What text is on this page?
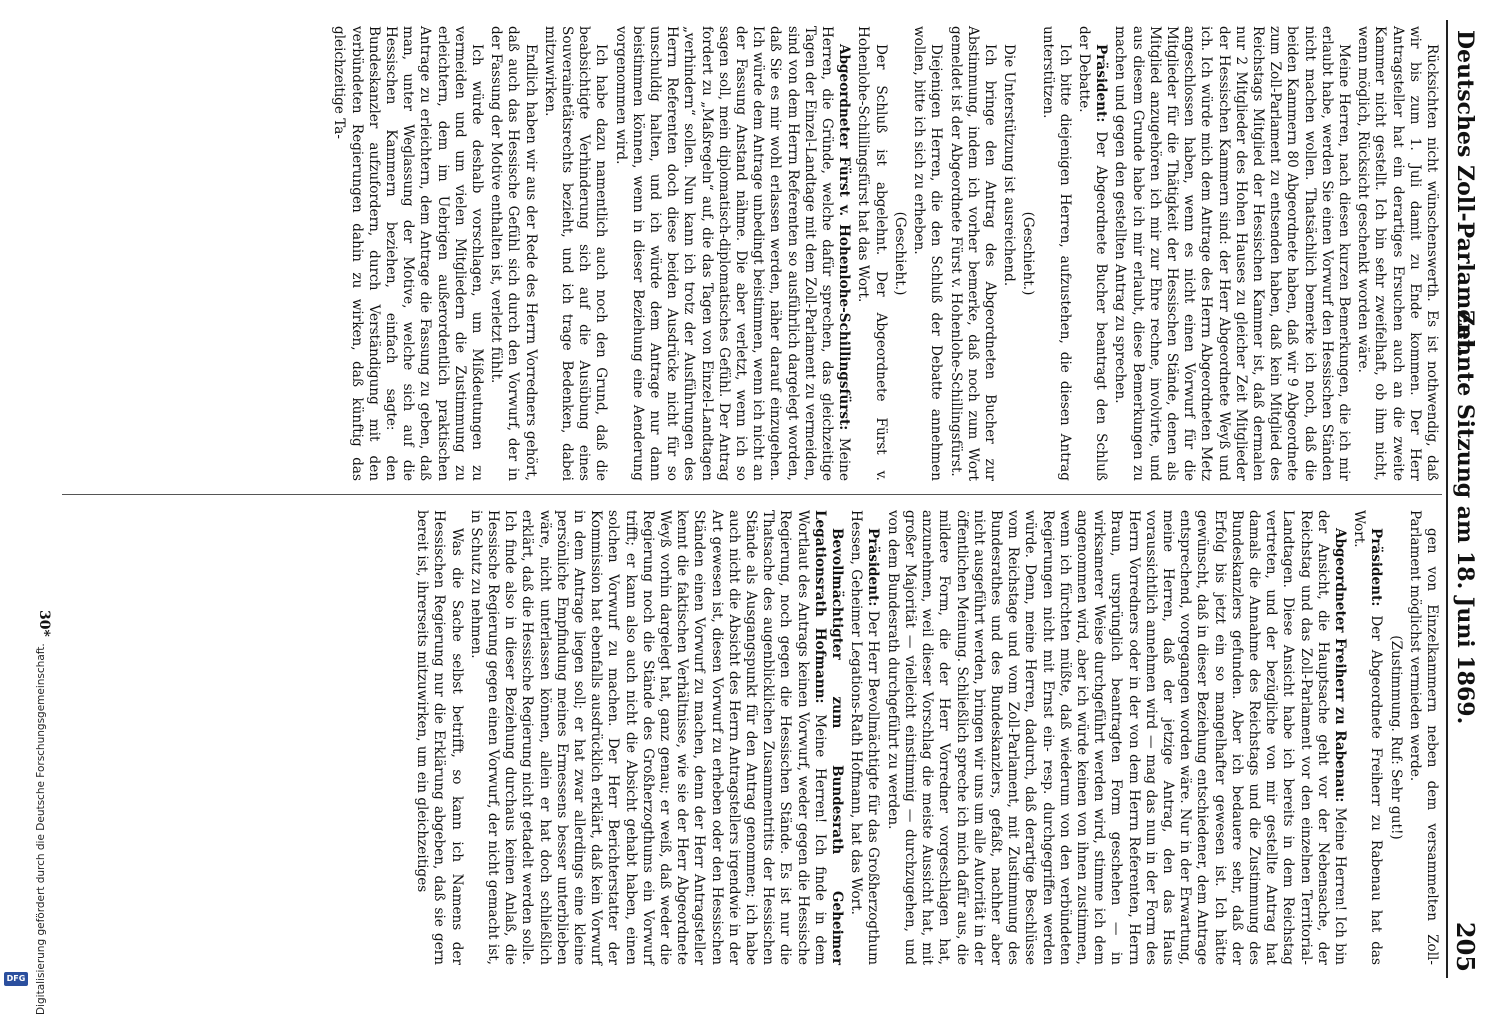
Deutsches Zoll-Parlament.
Zehnte Sitzung am 18. Juni 1869.
205

Rücksichten nicht wünschenswerth. Es ist nothwendig, daß wir bis zum 1. Juli damit zu Ende kommen. Der Herr Antragsteller hat ein derartiges Ersuchen auch an die zweite Kammer nicht gestellt. Ich bin sehr zweifelhaft, ob ihm nicht, wenn möglich, Rücksicht geschenkt worden wäre.

Meine Herren, nach diesen kurzen Bemerkungen, die ich mir erlaubt habe, werden Sie einen Vorwurf den Hessischen Ständen nicht machen wollen. Thatsächlich bemerke ich noch, daß die beiden Kammern 80 Abgeordnete haben, daß wir 9 Abgeordnete zum Zoll-Parlament zu entsenden haben, daß kein Mitglied des Reichstags Mitglied der Hessischen Kammer ist, daß dermalen nur 2 Mitglieder des Hohen Hauses zu gleicher Zeit Mitglieder der Hessischen Kammern sind: der Herr Abgeordnete Weyß und ich. Ich würde mich dem Antrage des Herrn Abgeordneten Metz angeschlossen haben, wenn es nicht einen Vorwurf für die Mitglieder für die Thätigkeit der Hessischen Stände, denen als Mitglied anzugehören ich mir zur Ehre rechne, involvirte, und aus diesem Grunde habe ich mir erlaubt, diese Bemerkungen zu machen und gegen den gestellten Antrag zu sprechen.

Präsident: Der Abgeordnete Bucher beantragt den Schluß der Debatte.

Ich bitte diejenigen Herren, aufzustehen, die diesen Antrag unterstützen.

(Geschieht.)

Die Unterstützung ist ausreichend.

Ich bringe den Antrag des Abgeordneten Bucher zur Abstimmung, indem ich vorher bemerke, daß noch zum Wort gemeldet ist der Abgeordnete Fürst v. Hohenlohe-Schillingsfürst.

Diejenigen Herren, die den Schluß der Debatte annehmen wollen, bitte ich sich zu erheben.

(Geschieht.)

Der Schluß ist abgelehnt. Der Abgeordnete Fürst v. Hohenlohe-Schillingsfürst hat das Wort.

Abgeordneter Fürst v. Hohenlohe-Schillingsfürst: Meine Herren, die Gründe, welche dafür sprechen, das gleichzeitige Tagen der Einzel-Landtage mit dem Zoll-Parlament zu vermeiden, sind von dem Herrn Referenten so ausführlich dargelegt worden, daß Sie es mir wohl erlassen werden, näher darauf einzugehen. Ich würde dem Antrage unbedingt beistimmen, wenn ich nicht an der Fassung Anstand nähme. Die aber verletzt, wenn ich so sagen soll, mein diplomatisch-diplomatisches Gefühl. Der Antrag fordert zu „Maßregeln“ auf, die das Tagen von Einzel-Landtagen „verhindern“ sollen. Nun kann ich trotz der Ausführungen des Herrn Referenten doch diese beiden Ausdrücke nicht für so unschuldig halten, und ich würde dem Antrage nur dann beistimmen können, wenn in dieser Beziehung eine Aenderung vorgenommen wird.

Ich habe dazu namentlich auch noch den Grund, daß die beabsichtigte Verhinderung sich auf die Ausübung eines Souverainetätsrechts bezieht, und ich trage Bedenken, dabei mitzuwirken.

Endlich haben wir aus der Rede des Herrn Vorredners gehört, daß auch das Hessische Gefühl sich durch den Vorwurf, der in der Fassung der Motive enthalten ist, verletzt fühlt.

Ich würde deshalb vorschlagen, um Mißdeutungen zu vermeiden und um vielen Mitgliedern die Zustimmung zu erleichtern, dem im Uebrigen außerordentlich praktischen Antrage zu erleichtern, dem Antrage die Fassung zu geben, daß man, unter Weglassung der Motive, welche sich auf die Hessischen Kammern beziehen, einfach sagte: den Bundeskanzler aufzufordern, durch Verständigung mit den verbündeten Regierungen dahin zu wirken, daß künftig das gleichzeitige Ta-

gen von Einzelkammern neben dem versammelten Zoll-Parlament möglichst vermieden werde.

(Zustimmung. Ruf: Sehr gut!)

Präsident: Der Abgeordnete Freiherr zu Rabenau hat das Wort.

Abgeordneter Freiherr zu Rabenau: Meine Herren! Ich bin der Ansicht, die Hauptsache geht vor der Nebensache, der Reichstag und das Zoll-Parlament vor den einzelnen Territorial-Landtagen. Diese Ansicht habe ich bereits in dem Reichstag vertreten, und der bezügliche von mir gestellte Antrag hat damals die Annahme des Reichstags und die Zustimmung des Bundeskanzlers gefunden. Aber ich bedauere sehr, daß der Erfolg bis jetzt ein so mangelhafter gewesen ist. Ich hätte gewünscht, daß in dieser Beziehung entschiedener, dem Antrage entsprechend, vorgegangen worden wäre. Nur in der Erwartung, meine Herren, daß der jetzige Antrag, den das Haus voraussichtlich annehmen wird — mag das nun in der Form des Herrn Vorredners oder in der von dem Herrn Referenten, Herrn Braun, ursprünglich beantragten Form geschehen — in wirksamerer Weise durchgeführt werden wird, stimme ich dem angenommen wird, aber ich würde keinen von ihnen zustimmen, wenn ich fürchten müßte, daß wiederum von den verbündeten Regierungen nicht mit Ernst ein- resp. durchgegriffen werden würde. Denn, meine Herren, dadurch, daß derartige Beschlüsse vom Reichstage und vom Zoll-Parlament, mit Zustimmung des Bundesrathes und des Bundeskanzlers, gefaßt, nachher aber nicht ausgeführt werden, bringen wir uns um alle Autorität in der öffentlichen Meinung. Schließlich spreche ich mich dafür aus, die mildere Form, die der Herr Vorredner vorgeschlagen hat, anzunehmen, weil dieser Vorschlag die meiste Aussicht hat, mit großer Majorität — vielleicht einstimmig — durchzugehen, und von dem Bundesrath durchgeführt zu werden.

Präsident: Der Herr Bevollmächtigte für das Großherzogthum Hessen, Geheimer Legations-Rath Hofmann, hat das Wort.

Bevollmächtigter zum Bundesrath Geheimer Legationsrath Hofmann: Meine Herren! Ich finde in dem Wortlaut des Antrags keinen Vorwurf, weder gegen die Hessische Regierung, noch gegen die Hessischen Stände. Es ist nur die Thatsache des augenblicklichen Zusammentritts der Hessischen Stände als Ausgangspunkt für den Antrag genommen; ich habe auch nicht die Absicht des Herrn Antragstellers irgendwie in der Art gewesen ist, diesen Vorwurf zu erheben oder den Hessischen Ständen einen Vorwurf zu machen, denn der Herr Antragsteller kennt die faktischen Verhältnisse, wie sie der Herr Abgeordnete Weyß vorhin dargelegt hat, ganz genau; er weiß, daß weder die Regierung noch die Stände des Großherzogthums ein Vorwurf trifft; er kann also auch nicht die Absicht gehabt haben, einen solchen Vorwurf zu machen. Der Herr Berichterstatter der Kommission hat ebenfalls ausdrücklich erklärt, daß kein Vorwurf in dem Antrage liegen soll; er hat zwar allerdings eine kleine persönliche Empfindung meines Ermessens besser unterblieben wäre, nicht unterlassen können, allein er hat doch schließlich erklärt, daß die Hessische Regierung nicht getadelt werden solle. Ich finde also in dieser Beziehung durchaus keinen Anlaß, die Hessische Regierung gegen einen Vorwurf, der nicht gemacht ist, in Schutz zu nehmen.

Was die Sache selbst betrifft, so kann ich Namens der Hessischen Regierung nur die Erklärung abgeben, daß sie gern bereit ist, ihrerseits mitzuwirken, um ein gleichzeitiges

30*
Digitalisierung gefördert durch die Deutsche Forschungsgemeinschaft.
DFG
